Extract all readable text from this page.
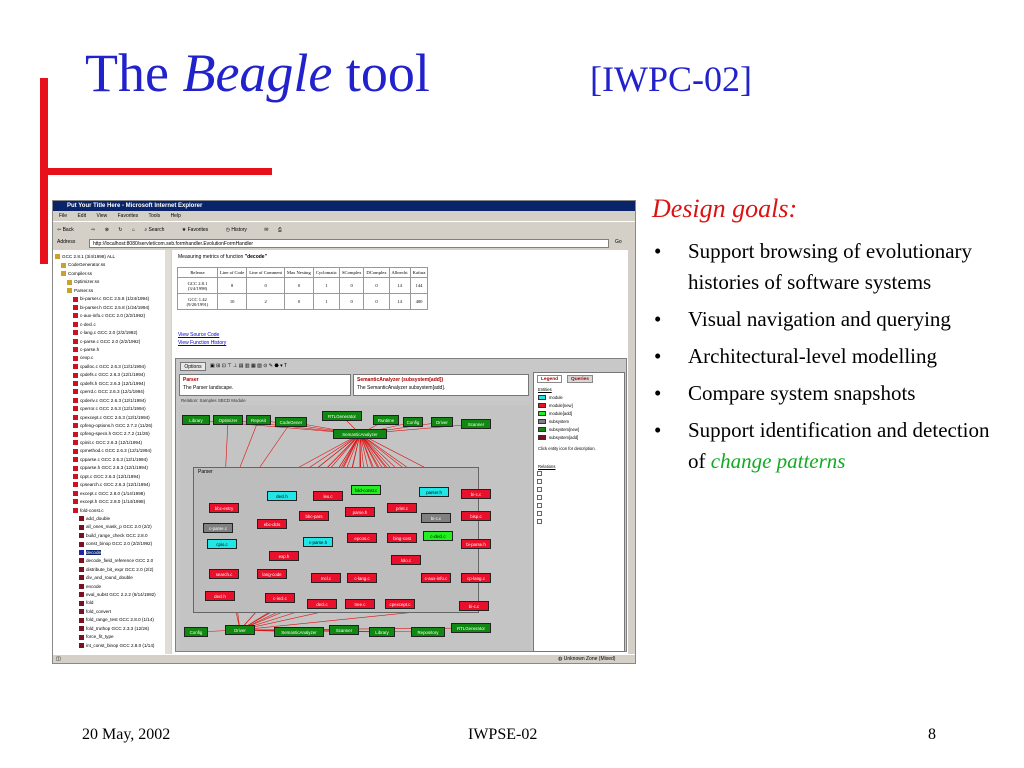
The Beagle tool	[IWPC-02]
Put Your Title Here - Microsoft Internet Explorer
File Edit View Favorites Tools Help
⇦ Back	⇨ ⊗ ↻ ⌂ ⌕ Search	★ Favorites	◷ History	✉ ⎙
Address	http://localhost:8080/servlet/com.seb.formhandler.EvolutionFormHandler	Go
GCC 2.8.1 (3/4/1998) ALL
CodeGenerator.ss
Compiler.ss
Optimizer.ss
Parser.ss
bi-parser.c GCC 2.5.8 (1/24/1994)
bi-parser.h GCC 2.5.8 (1/24/1994)
c-aux-info.c GCC 2.0 (2/2/1992)
c-decl.c
c-lang.c GCC 2.0 (2/2/1992)
c-parse.c GCC 2.0 (2/2/1992)
c-parse.h
cexp.c
cpalloc.c GCC 2.6.3 (12/1/1994)
cpdefs.c GCC 2.6.3 (12/1/1994)
cpdefs.h GCC 2.6.3 (12/1/1994)
cperrd.c GCC 2.6.3 (12/1/1994)
cpderiv.c GCC 2.6.3 (12/1/1994)
cperror.c GCC 2.6.3 (12/1/1994)
cpexcept.c GCC 2.6.3 (12/1/1994)
cpfeng-options.h GCC 2.7.2 (11/26)
cpfeng-specs.h GCC 2.7.2 (11/26)
cpinit.c GCC 2.6.3 (12/1/1994)
cpmethod.c GCC 2.6.3 (12/1/1994)
cpparse.c GCC 2.6.3 (12/1/1994)
cpparse.h GCC 2.6.3 (12/1/1994)
cppt.c GCC 2.6.3 (12/1/1994)
cpsearch.c GCC 2.6.3 (12/1/1994)
except.c GCC 2.8.0 (1/14/1998)
except.h GCC 2.8.0 (1/14/1998)
fold-const.c
add_double
all_ones_mask_p GCC 2.0 (2/2)
build_range_check GCC 2.8.0
const_binop GCC 2.0 (2/2/1992)
decode
decode_field_reference GCC 2.0
distribute_bit_expr GCC 2.0 (2/2)
div_and_round_double
encode
eval_subst GCC 2.2.2 (6/14/1992)
fold
fold_convert
fold_range_test GCC 2.8.0 (1/14)
fold_truthop GCC 2.3.3 (12/26)
force_fit_type
int_const_binop GCC 2.8.0 (1/14)
Measuring metrics of function "decode"
Release	Line of Code	Line of Comment	Max Nesting	Cyclomatic	SComplex	DComplex	Albrecht	Kafura
GCC 2.8.1 (3/4/1998)	8	0	0	1	0	0	14	144
GCC 1.42 (9/20/1991)	10	2	0	1	0	0	14	400
View Source Code
View Function History
Options	▣ ⊞ ⊡ ⊤ ⊥ ▤ ▥ ▦ ▧ ⊙ ✎ ⬣ ▾ T
Parser
The Parser landscape.
SemanticAnalyzer (subsystem[add])
The SemanticAnalyzer subsystem[add].
Relation: Samples SBCD Module
Parser
Library	Optimizer	Reposit	CodeGener
RTLGenerator
Runtime	Config	Driver	Scanner
SemanticAnalyzer
decl.h	lex.c
fold-const.c	parser.h	bi-c.c
bbc-entry
parse.h
print.c
c-parse.c
ebc-dcts
bbc-pars	bi-c.c	bisp.c
cpio.c	c-parse.h
epcos.c	bing-cost	c-decl.c
bi-parse.h
exp.h
lolo.c
search.c	lang-code
mcl.c	c-lang.c	c-aux-info.c	cp-lang.c
decl.h	c-incl.c
decl.c	tree.c	cpexcept.c	bi-c.c
Config	Driver	SemanticAnalyzer	Scanner	Library	Repository
RTLGenerator
Legend	Queries
Entities
module
module[new]
module[add]
subsystem
subsystem[new]
subsystem[add]
Click entity icon for description.
Relations
◫	◍ Unknown Zone (Mixed)
Design goals:
• Support browsing of evolutionary histories of software systems
• Visual navigation and querying
• Architectural-level modelling
• Compare system snapshots
• Support identification and detection of change patterns
20 May, 2002	IWPSE-02	8
